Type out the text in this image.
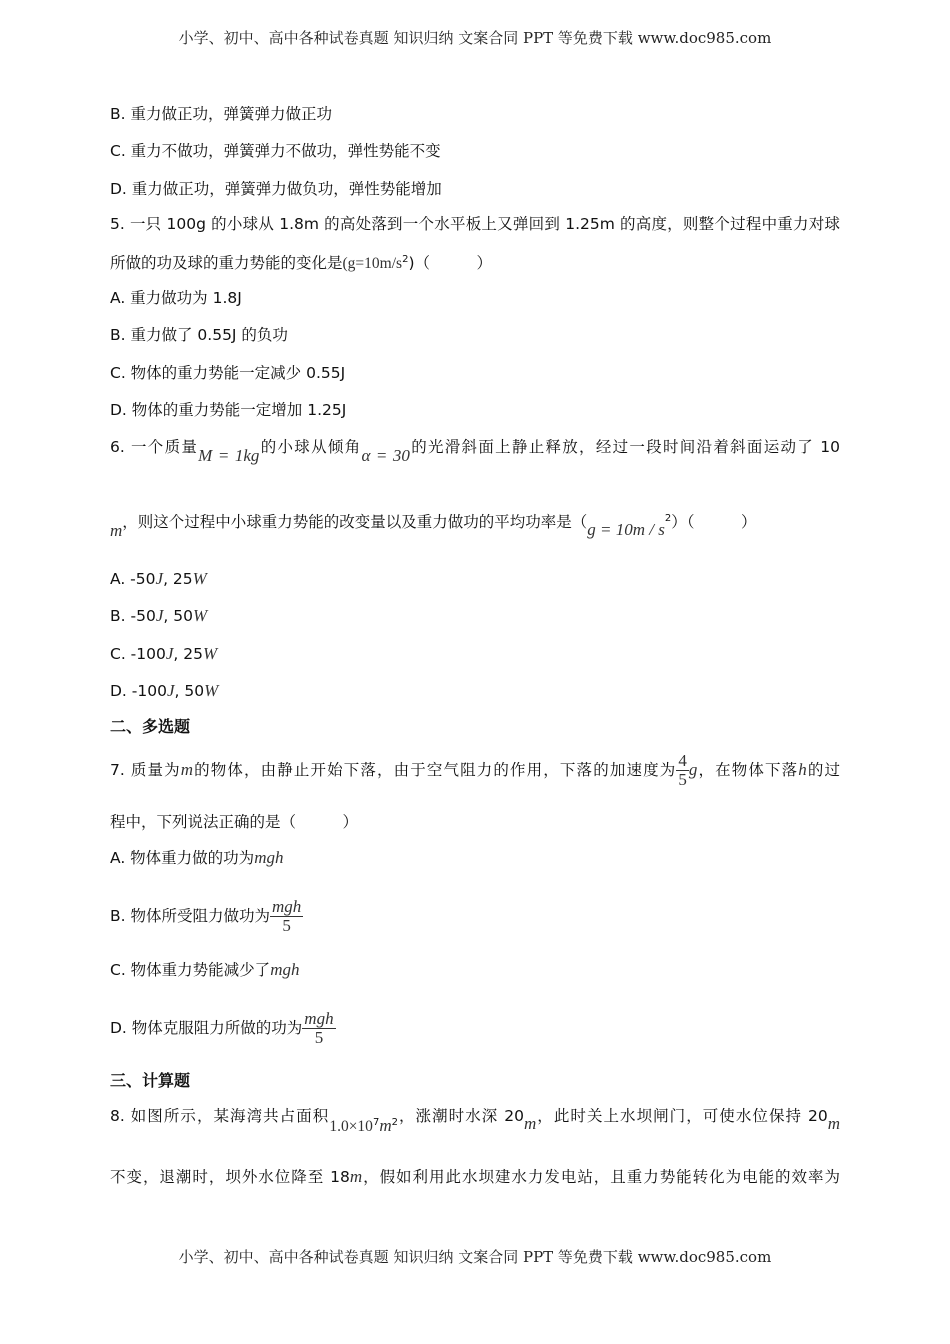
小学、初中、高中各种试卷真题 知识归纳 文案合同 PPT 等免费下载 www.doc985.com
B. 重力做正功，弹簧弹力做正功
C. 重力不做功，弹簧弹力不做功，弹性势能不变
D. 重力做正功，弹簧弹力做负功，弹性势能增加
5. 一只 100g 的小球从 1.8m 的高处落到一个水平板上又弹回到 1.25m 的高度，则整个过程中重力对球
所做的功及球的重力势能的变化是$(g=10m/s^2)$（　　　）
A. 重力做功为 1.8J
B. 重力做了 0.55J 的负功
C. 物体的重力势能一定减少 0.55J
D. 物体的重力势能一定增加 1.25J
6. 一个质量M = 1kg的小球从倾角α = 30的光滑斜面上静止释放，经过一段时间沿着斜面运动了 10
m，则这个过程中小球重力势能的改变量以及重力做功的平均功率是$(g = 10m / s^2)$（　　　）
A. -50J, 25W
B. -50J, 50W
C. -100J, 25W
D. -100J, 50W
二、多选题
7. 质量为m的物体，由静止开始下落，由于空气阻力的作用，下落的加速度为 $\frac{4}{5}$ g，在物体下落h的过
程中，下列说法正确的是（　　　）
A. 物体重力做的功为mgh
B. 物体所受阻力做功为 $\frac{\text{mgh}}{5}$
C. 物体重力势能减少了mgh
D. 物体克服阻力所做的功为 $\frac{\text{mgh}}{5}$
三、计算题
8. 如图所示，某海湾共占面积$1.0\times 10^7m^2$，涨潮时水深 20m，此时关上水坝闸门，可使水位保持 20m
不变，退潮时，坝外水位降至 18m，假如利用此水坝建水力发电站，且重力势能转化为电能的效率为
小学、初中、高中各种试卷真题 知识归纳 文案合同 PPT 等免费下载 www.doc985.com
